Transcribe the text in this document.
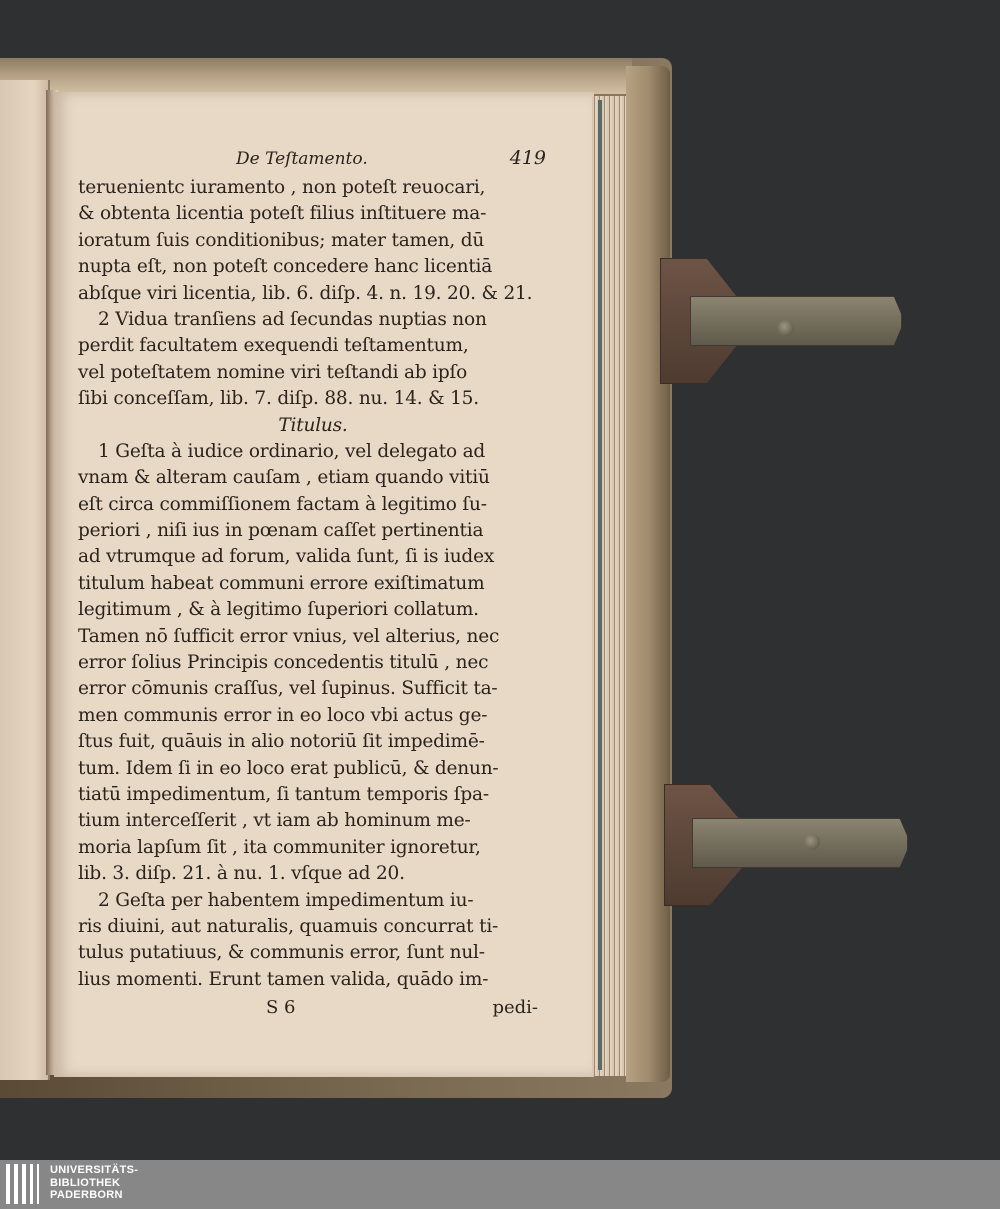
De Teſtamento.	419
teruenientc iuramento , non poteſt reuocari,
& obtenta licentia poteſt filius inſtituere ma-
ioratum ſuis conditionibus; mater tamen, dū
nupta eſt, non poteſt concedere hanc licentiā
abſque viri licentia, lib. 6. diſp. 4. n. 19. 20. & 21.
2 Vidua tranſiens ad ſecundas nuptias non
perdit facultatem exequendi teſtamentum,
vel poteſtatem nomine viri teſtandi ab ipſo
ſibi conceſſam, lib. 7. diſp. 88. nu. 14. & 15.
Titulus.
1 Geſta à iudice ordinario, vel delegato ad
vnam & alteram cauſam , etiam quando vitiū
eſt circa commiſſionem factam à legitimo ſu-
periori , niſi ius in pœnam caſſet pertinentia
ad vtrumque ad forum, valida ſunt, ſi is iudex
titulum habeat communi errore exiſtimatum
legitimum , & à legitimo ſuperiori collatum.
Tamen nō ſufficit error vnius, vel alterius, nec
error ſolius Principis concedentis titulū , nec
error cōmunis craſſus, vel ſupinus. Sufficit ta-
men communis error in eo loco vbi actus ge-
ſtus fuit, quāuis in alio notoriū ſit impedimē-
tum. Idem ſi in eo loco erat publicū, & denun-
tiatū impedimentum, ſi tantum temporis ſpa-
tium interceſſerit , vt iam ab hominum me-
moria lapſum ſit , ita communiter ignoretur,
lib. 3. diſp. 21. à nu. 1. vſque ad 20.
2 Geſta per habentem impedimentum iu-
ris diuini, aut naturalis, quamuis concurrat ti-
tulus putatiuus, & communis error, ſunt nul-
lius momenti. Erunt tamen valida, quādo im-
S 6	pedi-
UNIVERSITÄTS-
BIBLIOTHEK
PADERBORN
